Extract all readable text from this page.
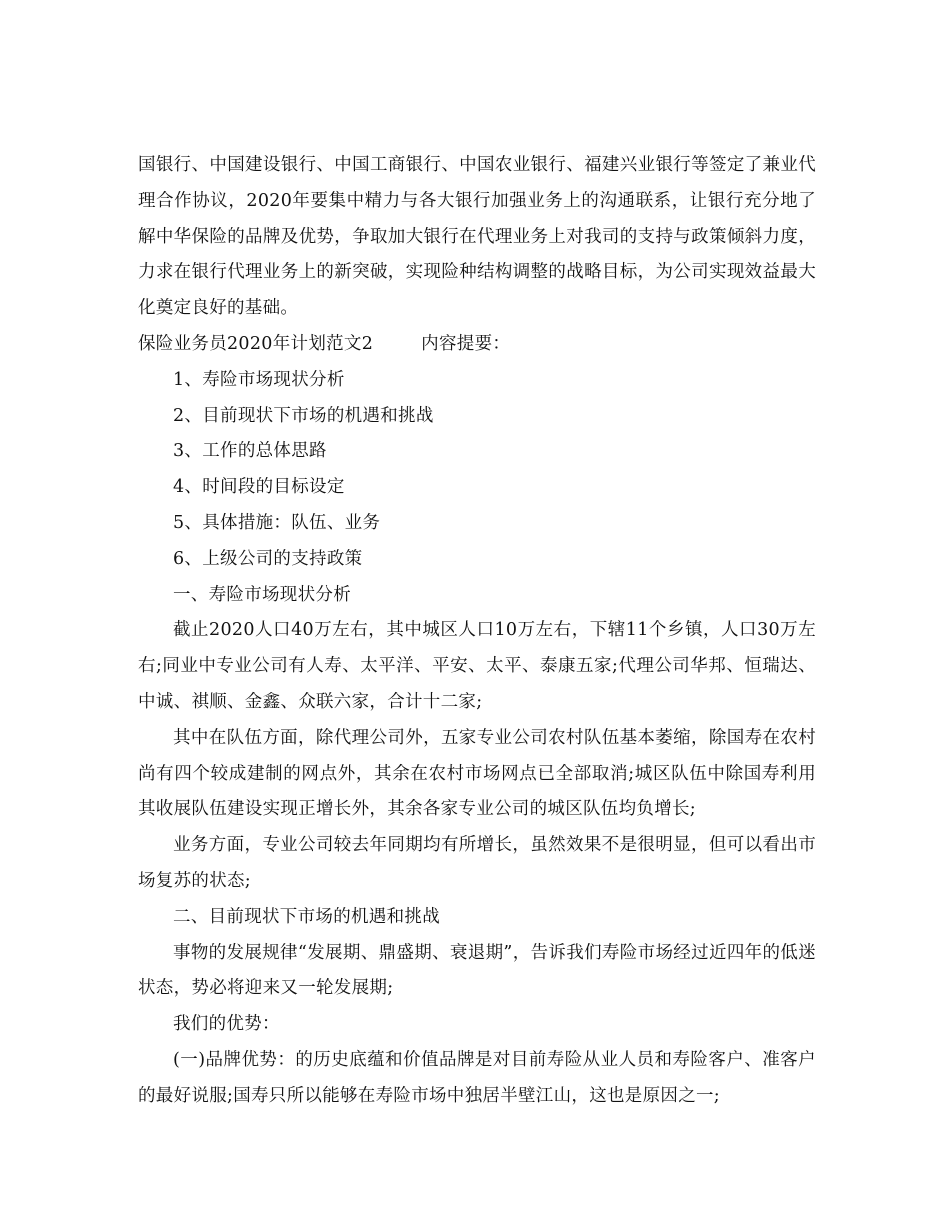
国银行、中国建设银行、中国工商银行、中国农业银行、福建兴业银行等签定了兼业代理合作协议，2020年要集中精力与各大银行加强业务上的沟通联系，让银行充分地了解中华保险的品牌及优势，争取加大银行在代理业务上对我司的支持与政策倾斜力度，力求在银行代理业务上的新突破，实现险种结构调整的战略目标，为公司实现效益最大化奠定良好的基础。

保险业务员2020年计划范文2	内容提要：

1、寿险市场现状分析

2、目前现状下市场的机遇和挑战

3、工作的总体思路

4、时间段的目标设定

5、具体措施：队伍、业务

6、上级公司的支持政策

一、寿险市场现状分析

截止2020人口40万左右，其中城区人口10万左右，下辖11个乡镇，人口30万左右;同业中专业公司有人寿、太平洋、平安、太平、泰康五家;代理公司华邦、恒瑞达、中诚、祺顺、金鑫、众联六家，合计十二家;

其中在队伍方面，除代理公司外，五家专业公司农村队伍基本萎缩，除国寿在农村尚有四个较成建制的网点外，其余在农村市场网点已全部取消;城区队伍中除国寿利用其收展队伍建设实现正增长外，其余各家专业公司的城区队伍均负增长;

业务方面，专业公司较去年同期均有所增长，虽然效果不是很明显，但可以看出市场复苏的状态;

二、目前现状下市场的机遇和挑战

事物的发展规律“发展期、鼎盛期、衰退期”，告诉我们寿险市场经过近四年的低迷状态，势必将迎来又一轮发展期;

我们的优势：

(一)品牌优势：的历史底蕴和价值品牌是对目前寿险从业人员和寿险客户、准客户的最好说服;国寿只所以能够在寿险市场中独居半壁江山，这也是原因之一;
